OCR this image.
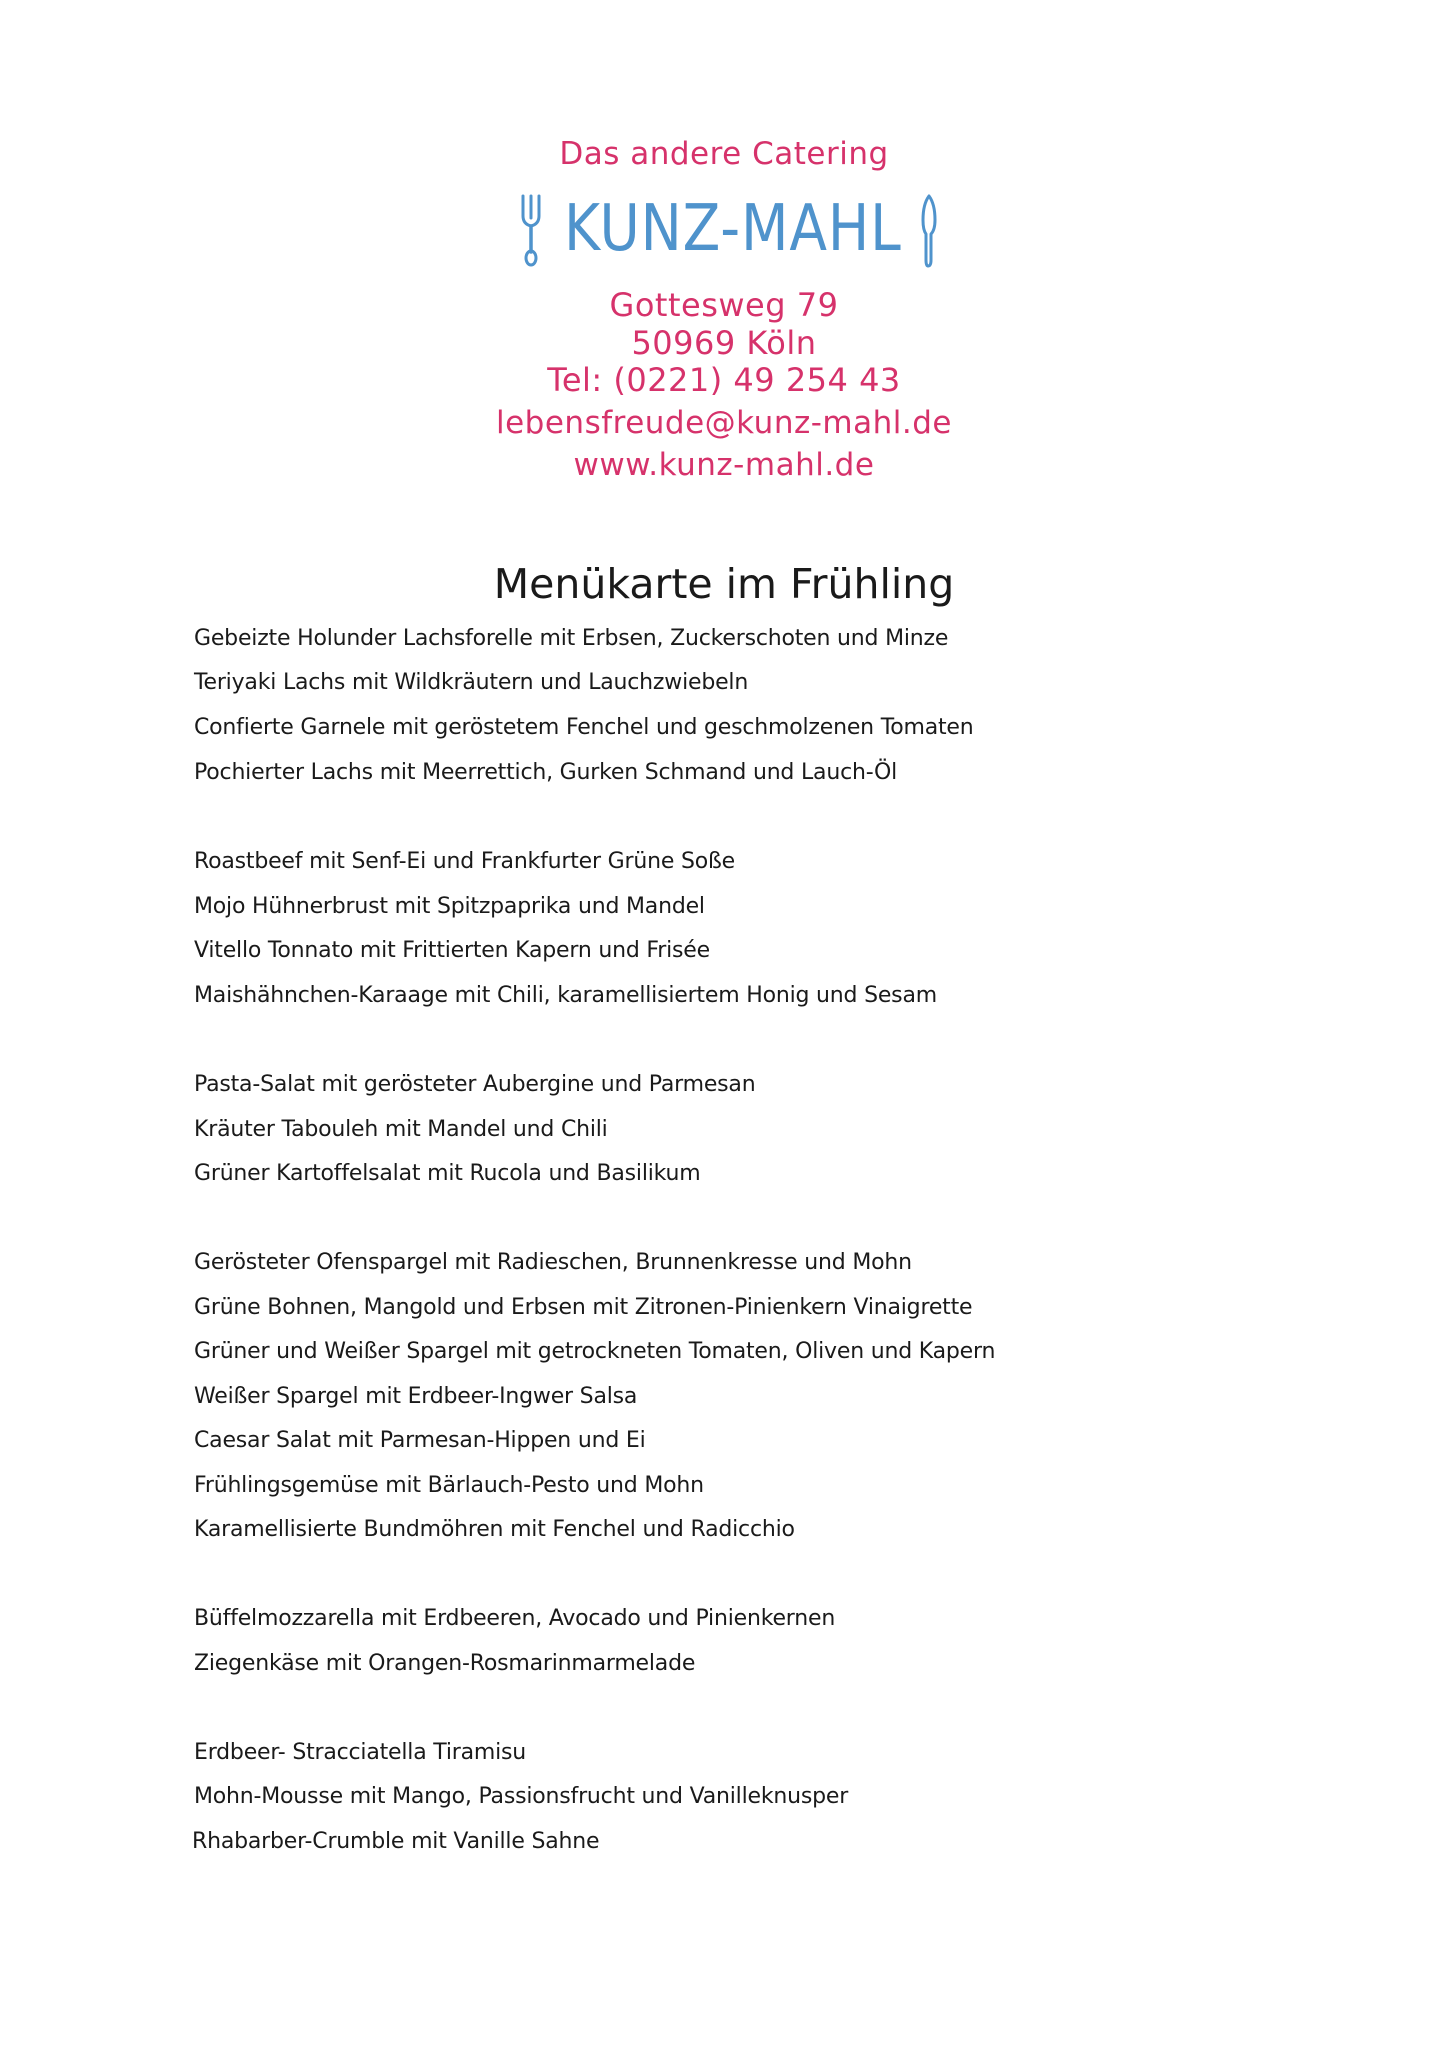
Das andere Catering
KUNZ-MAHL
Gottesweg 79
50969 Köln
Tel: (0221) 49 254 43
lebensfreude@kunz-mahl.de
www.kunz-mahl.de
Menükarte im Frühling
Gebeizte Holunder Lachsforelle mit Erbsen, Zuckerschoten und Minze
Teriyaki Lachs mit Wildkräutern und Lauchzwiebeln
Confierte Garnele mit geröstetem Fenchel und geschmolzenen Tomaten
Pochierter Lachs mit Meerrettich, Gurken Schmand und Lauch-Öl
Roastbeef mit Senf-Ei und Frankfurter Grüne Soße
Mojo Hühnerbrust mit Spitzpaprika und Mandel
Vitello Tonnato mit Frittierten Kapern und Frisée
Maishähnchen-Karaage mit Chili, karamellisiertem Honig und Sesam
Pasta-Salat mit gerösteter Aubergine und Parmesan
Kräuter Tabouleh mit Mandel und Chili
Grüner Kartoffelsalat mit Rucola und Basilikum
Gerösteter Ofenspargel mit Radieschen, Brunnenkresse und Mohn
Grüne Bohnen, Mangold und Erbsen mit Zitronen-Pinienkern Vinaigrette
Grüner und Weißer Spargel mit getrockneten Tomaten, Oliven und Kapern
Weißer Spargel mit Erdbeer-Ingwer Salsa
Caesar Salat mit Parmesan-Hippen und Ei
Frühlingsgemüse mit Bärlauch-Pesto und Mohn
Karamellisierte Bundmöhren mit Fenchel und Radicchio
Büffelmozzarella mit Erdbeeren, Avocado und Pinienkernen
Ziegenkäse mit Orangen-Rosmarinmarmelade
Erdbeer- Stracciatella Tiramisu
Mohn-Mousse mit Mango, Passionsfrucht und Vanilleknusper
Rhabarber-Crumble mit Vanille Sahne
